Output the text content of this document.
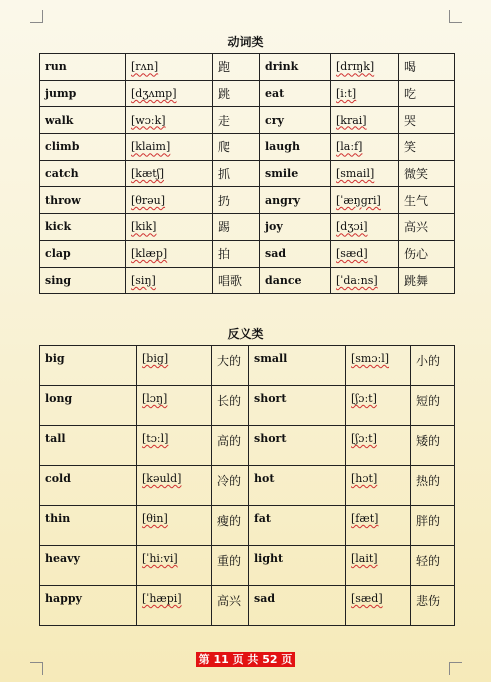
动词类
run	[rʌn]	跑	drink	[drɪŋk]	喝
jump	[dʒʌmp]	跳	eat	[iːt]	吃
walk	[wɔːk]	走	cry	[krai]	哭
climb	[klaim]	爬	laugh	[laːf]	笑
catch	[kætʃ]	抓	smile	[smail]	微笑
throw	[θrəu]	扔	angry	[ˈæŋgri]	生气
kick	[kik]	踢	joy	[dʒɔi]	高兴
clap	[klæp]	拍	sad	[sæd]	伤心
sing	[siŋ]	唱歌	dance	[ˈdaːns]	跳舞
反义类
big	[big]	大的	small	[smɔːl]	小的
long	[lɔŋ]	长的	short	[ʃɔːt]	短的
tall	[tɔːl]	高的	short	[ʃɔːt]	矮的
cold	[kəuld]	冷的	hot	[hɔt]	热的
thin	[θin]	瘦的	fat	[fæt]	胖的
heavy	[ˈhiːvi]	重的	light	[lait]	轻的
happy	[ˈhæpi]	高兴	sad	[sæd]	悲伤
第 11 页 共 52 页
